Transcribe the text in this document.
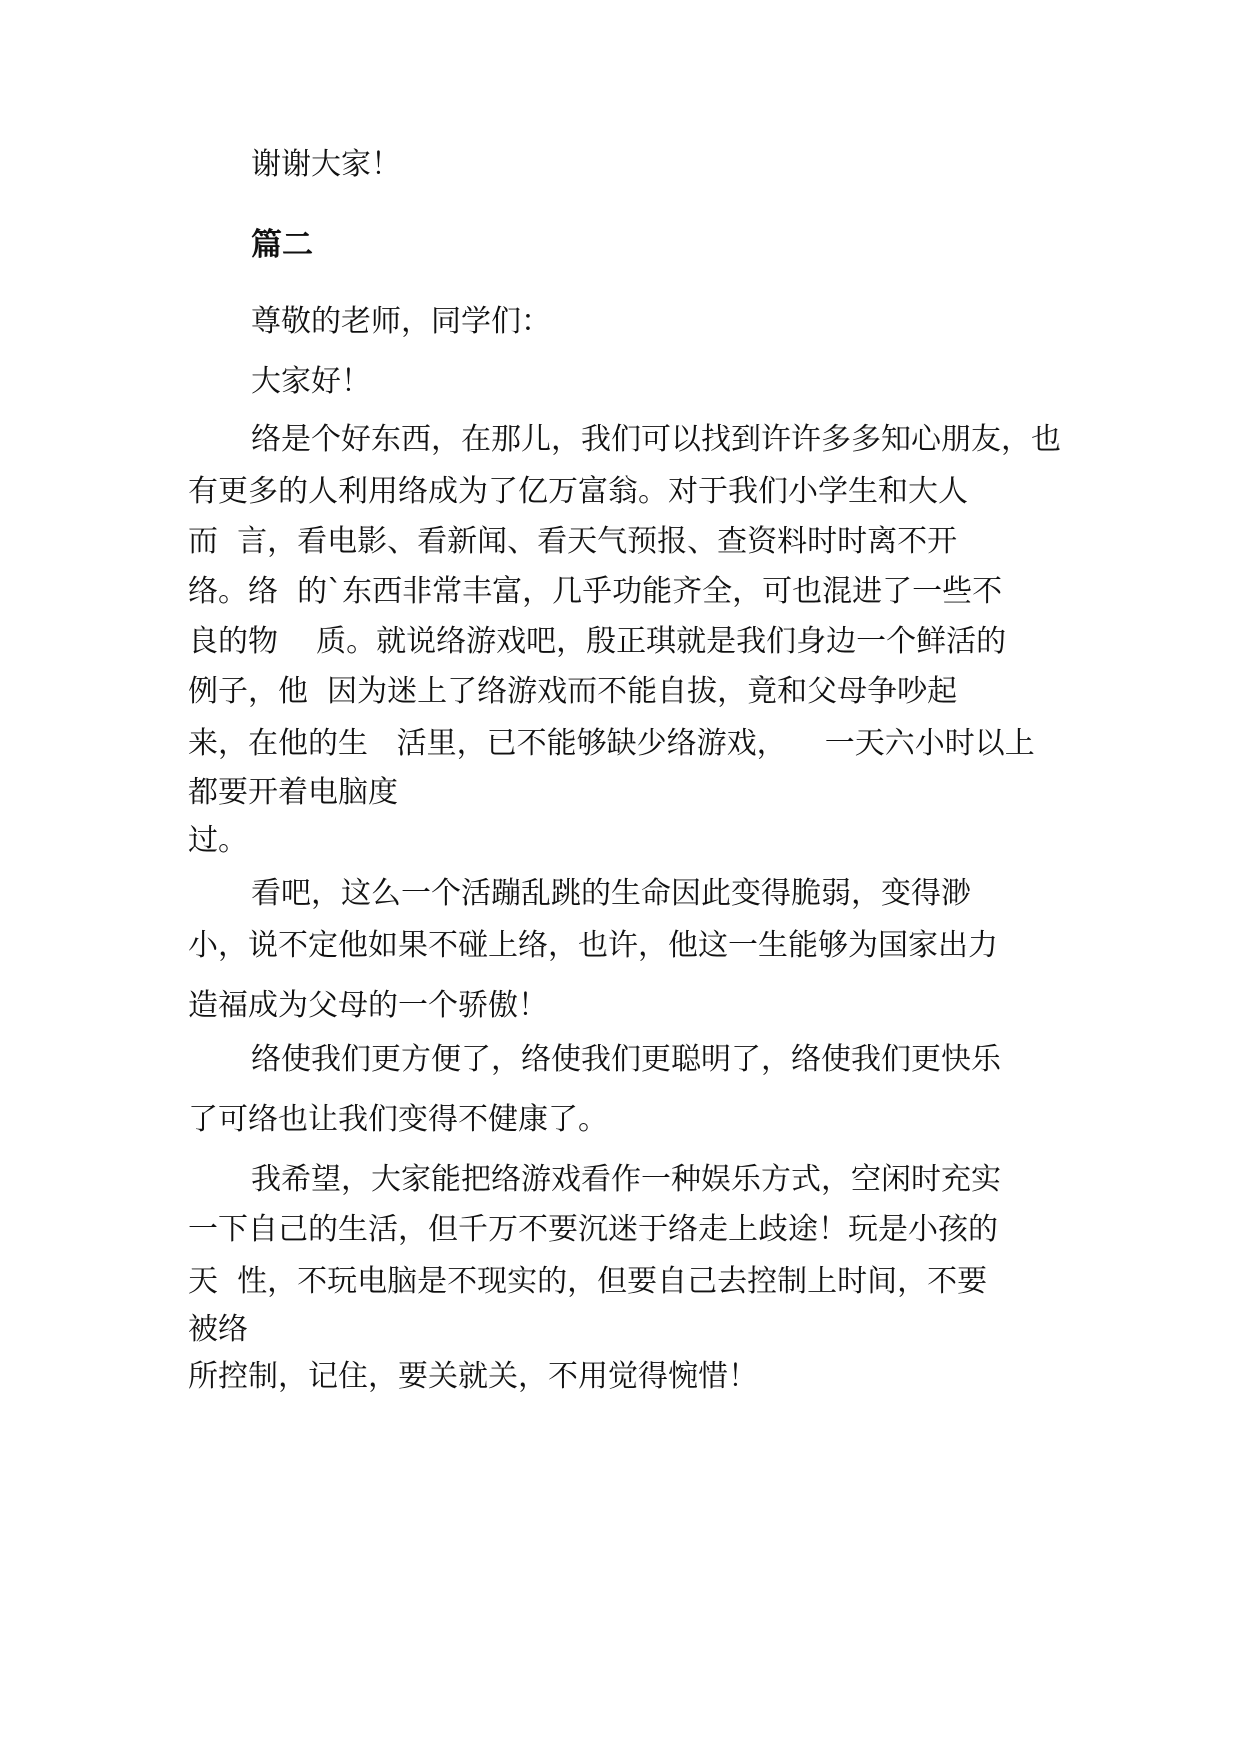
谢谢大家！

篇二

尊敬的老师，同学们：

大家好！

络是个好东西，在那儿，我们可以找到许许多多知心朋友，也

有更多的人利用络成为了亿万富翁。对于我们小学生和大人

而  言，看电影、看新闻、看天气预报、查资料时时离不开

络。络  的`东西非常丰富，几乎功能齐全，可也混进了一些不

良的物    质。就说络游戏吧，殷正琪就是我们身边一个鲜活的

例子，他  因为迷上了络游戏而不能自拔，竟和父母争吵起

来，在他的生   活里，已不能够缺少络游戏，    一天六小时以上

都要开着电脑度

过。

看吧，这么一个活蹦乱跳的生命因此变得脆弱，变得渺

小，说不定他如果不碰上络，也许，他这一生能够为国家出力

造福成为父母的一个骄傲！

络使我们更方便了，络使我们更聪明了，络使我们更快乐

了可络也让我们变得不健康了。

我希望，大家能把络游戏看作一种娱乐方式，空闲时充实

一下自己的生活，但千万不要沉迷于络走上歧途！玩是小孩的

天  性，不玩电脑是不现实的，但要自己去控制上时间，不要

被络

所控制，记住，要关就关，不用觉得惋惜！
